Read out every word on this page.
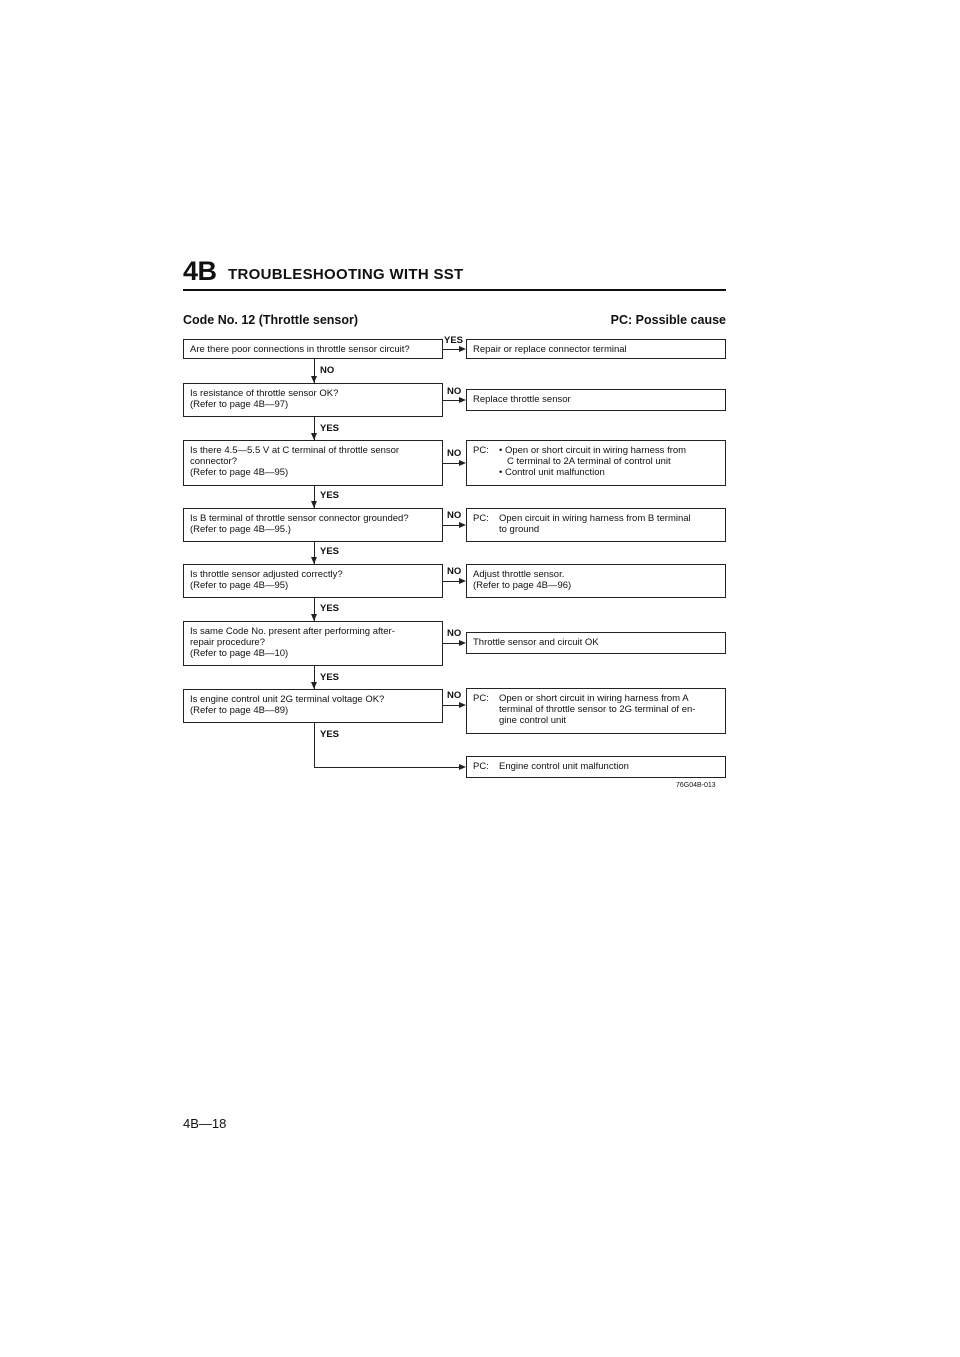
4B TROUBLESHOOTING WITH SST
Code No. 12 (Throttle sensor)	PC: Possible cause
Are there poor connections in throttle sensor circuit?
YES
Repair or replace connector terminal
NO
Is resistance of throttle sensor OK?
(Refer to page 4B—97)
NO
Replace throttle sensor
YES
Is there 4.5—5.5 V at C terminal of throttle sensor
connector?
(Refer to page 4B—95)
NO PC:
•	Open or short circuit in wiring harness from
C terminal to 2A terminal of control unit
• Control unit malfunction
YES
Is B terminal of throttle sensor connector grounded?
(Refer to page 4B—95.)
NO PC:	Open circuit in wiring harness from B terminal
to ground
YES
Is throttle sensor adjusted correctly?
(Refer to page 4B—95)
NO Adjust throttle sensor.
(Refer to page 4B—96)
YES
Is same Code No. present after performing after-
repair procedure?
(Refer to page 4B—10)
NO
Throttle sensor and circuit OK
YES
Is engine control unit 2G terminal voltage OK?
(Refer to page 4B—89)
NO PC:	Open or short circuit in wiring harness from A
terminal of throttle sensor to 2G terminal of en-
gine control unit
YES
PC:	Engine control unit malfunction
76G04B-013
4B—18
